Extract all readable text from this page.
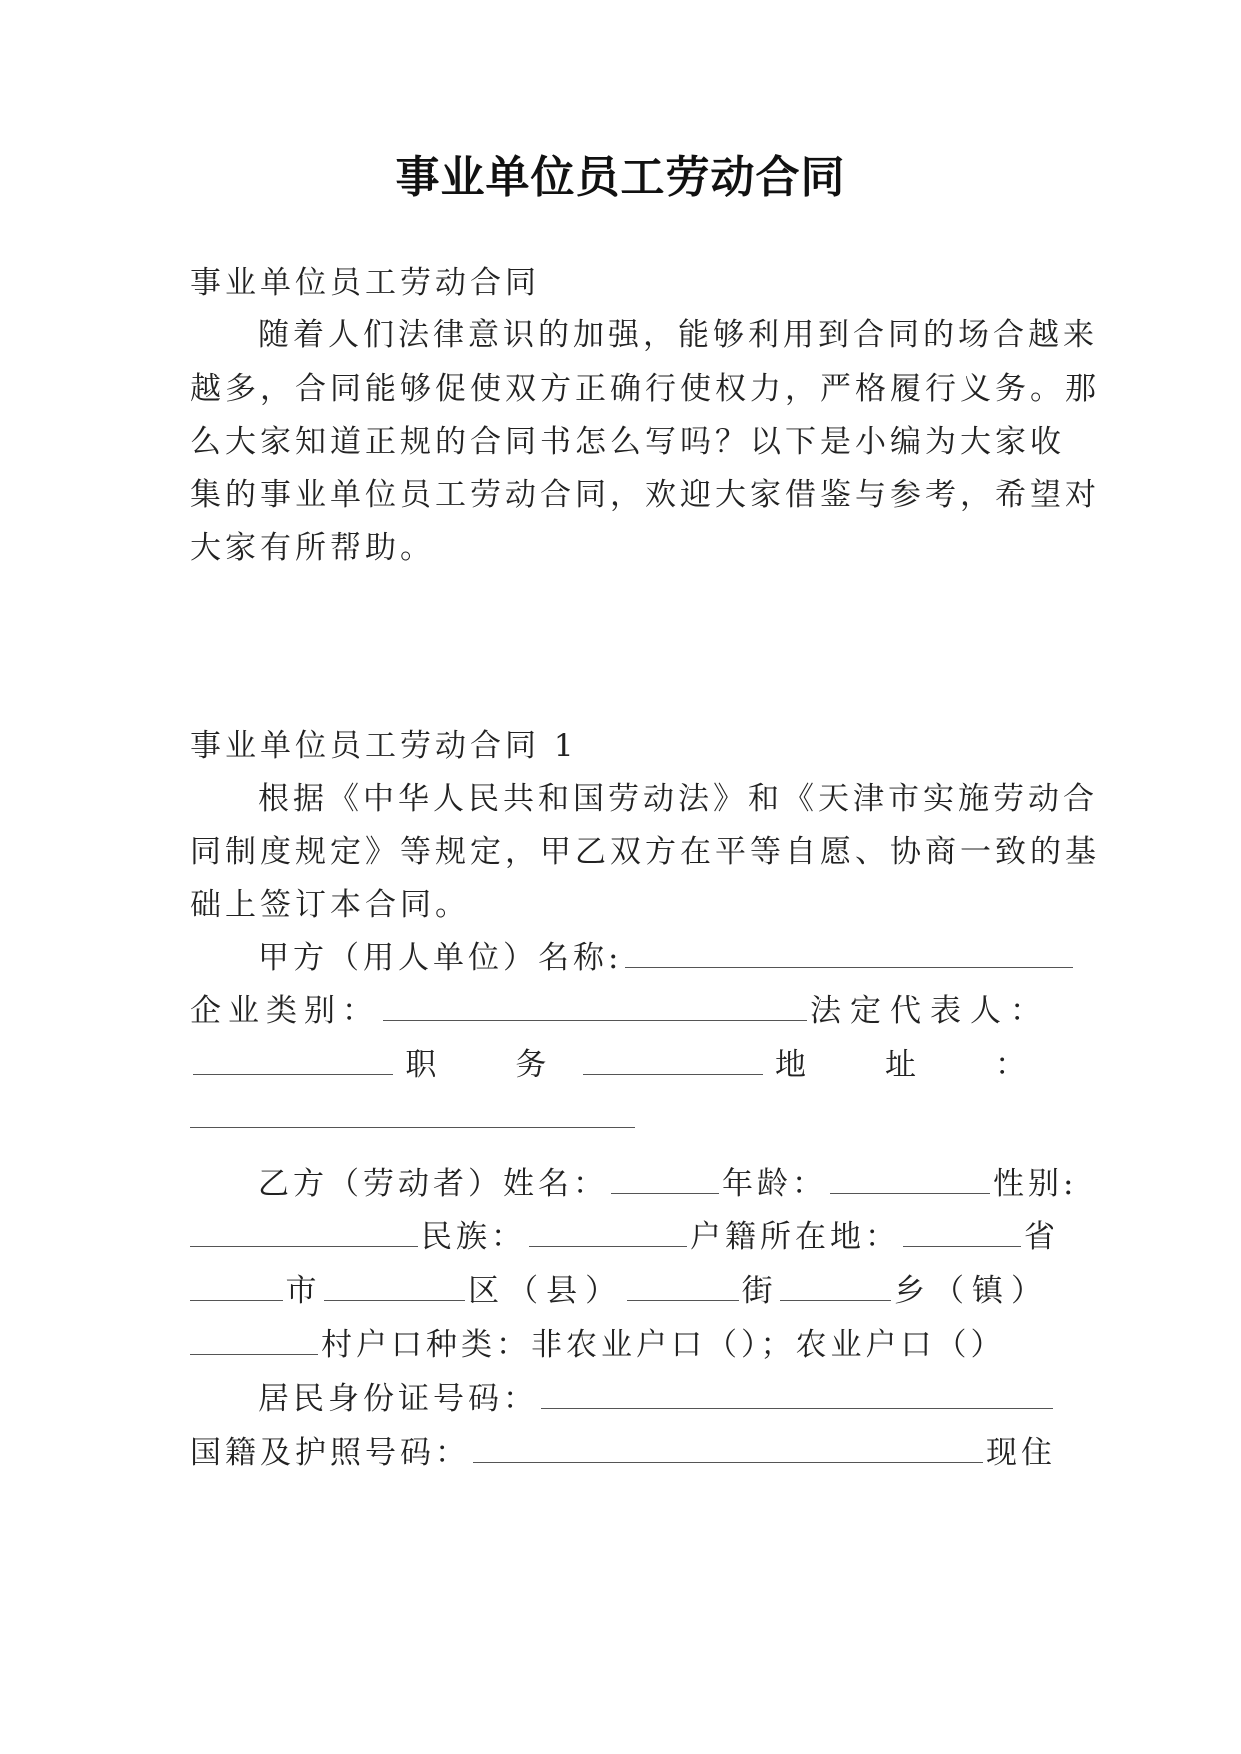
事业单位员工劳动合同
事业单位员工劳动合同
随着人们法律意识的加强，能够利用到合同的场合越来
越多，合同能够促使双方正确行使权力，严格履行义务。那
么大家知道正规的合同书怎么写吗？以下是小编为大家收
集的事业单位员工劳动合同，欢迎大家借鉴与参考，希望对
大家有所帮助。
事业单位员工劳动合同 1
根据《中华人民共和国劳动法》和《天津市实施劳动合
同制度规定》等规定，甲乙双方在平等自愿、协商一致的基
础上签订本合同。
甲方（用人单位）名称:
企业类别：	法定代表人：
职　务	地　址　：
乙方（劳动者）姓名：	年龄：	性别:
民族：	户籍所在地：	省
市	区（县）	街	乡（镇）
村户口种类：非农业户口（）；农业户口（）
居民身份证号码：
国籍及护照号码：	现住
